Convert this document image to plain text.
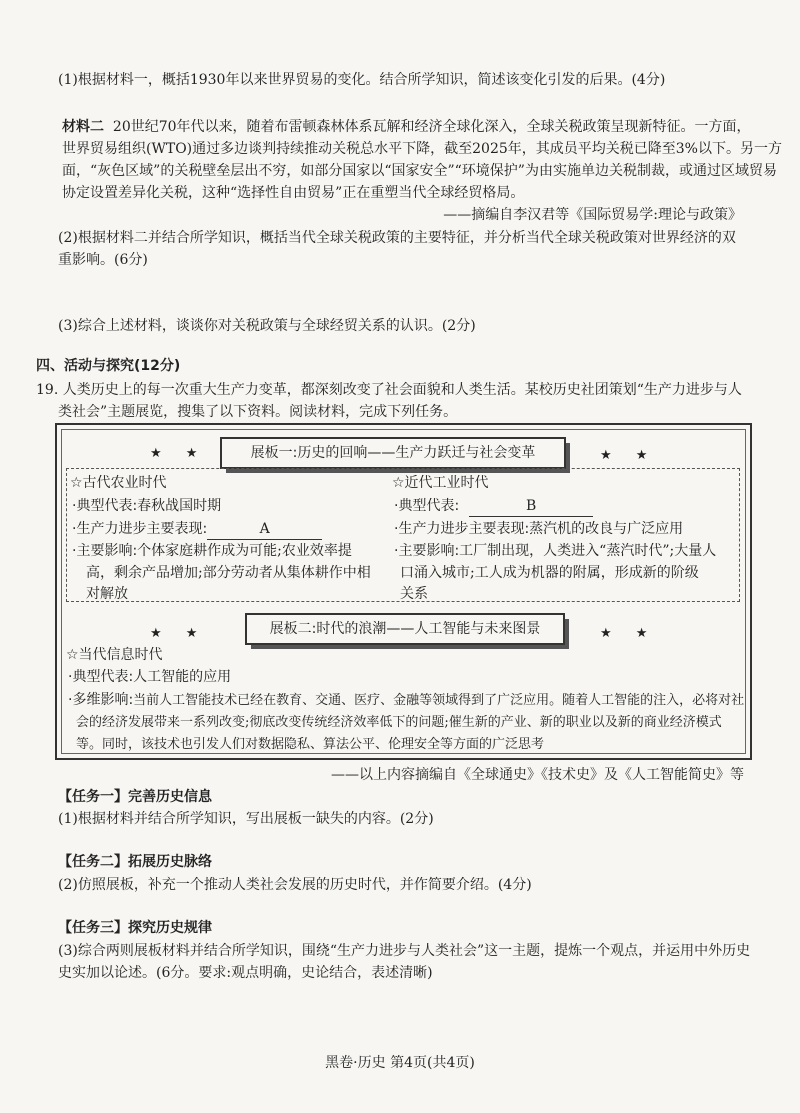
(1)根据材料一，概括1930年以来世界贸易的变化。结合所学知识，简述该变化引发的后果。(4分)
材料二 20世纪70年代以来，随着布雷顿森林体系瓦解和经济全球化深入，全球关税政策呈现新特征。一方面，
世界贸易组织(WTO)通过多边谈判持续推动关税总水平下降，截至2025年，其成员平均关税已降至3%以下。另一方
面，“灰色区域”的关税壁垒层出不穷，如部分国家以“国家安全”“环境保护”为由实施单边关税制裁，或通过区域贸易
协定设置差异化关税，这种“选择性自由贸易”正在重塑当代全球经贸格局。
——摘编自李汉君等《国际贸易学:理论与政策》
(2)根据材料二并结合所学知识，概括当代全球关税政策的主要特征，并分析当代全球关税政策对世界经济的双
重影响。(6分)
(3)综合上述材料，谈谈你对关税政策与全球经贸关系的认识。(2分)
四、活动与探究(12分)
19. 人类历史上的每一次重大生产力变革，都深刻改变了社会面貌和人类生活。某校历史社团策划“生产力进步与人
类社会”主题展览，搜集了以下资料。阅读材料，完成下列任务。
★ ★	展板一:历史的回响——生产力跃迁与社会变革	★ ★
☆古代农业时代
·典型代表:春秋战国时期
·生产力进步主要表现:	A
·主要影响:个体家庭耕作成为可能;农业效率提
高，剩余产品增加;部分劳动者从集体耕作中相
对解放
☆近代工业时代
·典型代表:	B
·生产力进步主要表现:蒸汽机的改良与广泛应用
·主要影响:工厂制出现，人类进入“蒸汽时代”;大量人
口涌入城市;工人成为机器的附属，形成新的阶级
关系
★ ★	展板二:时代的浪潮——人工智能与未来图景	★ ★
☆当代信息时代
·典型代表:人工智能的应用
·多维影响:当前人工智能技术已经在教育、交通、医疗、金融等领域得到了广泛应用。随着人工智能的注入，必将对社
会的经济发展带来一系列改变;彻底改变传统经济效率低下的问题;催生新的产业、新的职业以及新的商业经济模式
等。同时，该技术也引发人们对数据隐私、算法公平、伦理安全等方面的广泛思考
——以上内容摘编自《全球通史》《技术史》及《人工智能简史》等
【任务一】完善历史信息
(1)根据材料并结合所学知识，写出展板一缺失的内容。(2分)
【任务二】拓展历史脉络
(2)仿照展板，补充一个推动人类社会发展的历史时代，并作简要介绍。(4分)
【任务三】探究历史规律
(3)综合两则展板材料并结合所学知识，围绕“生产力进步与人类社会”这一主题，提炼一个观点，并运用中外历史
史实加以论述。(6分。要求:观点明确，史论结合，表述清晰)
黑卷·历史 第4页(共4页)
